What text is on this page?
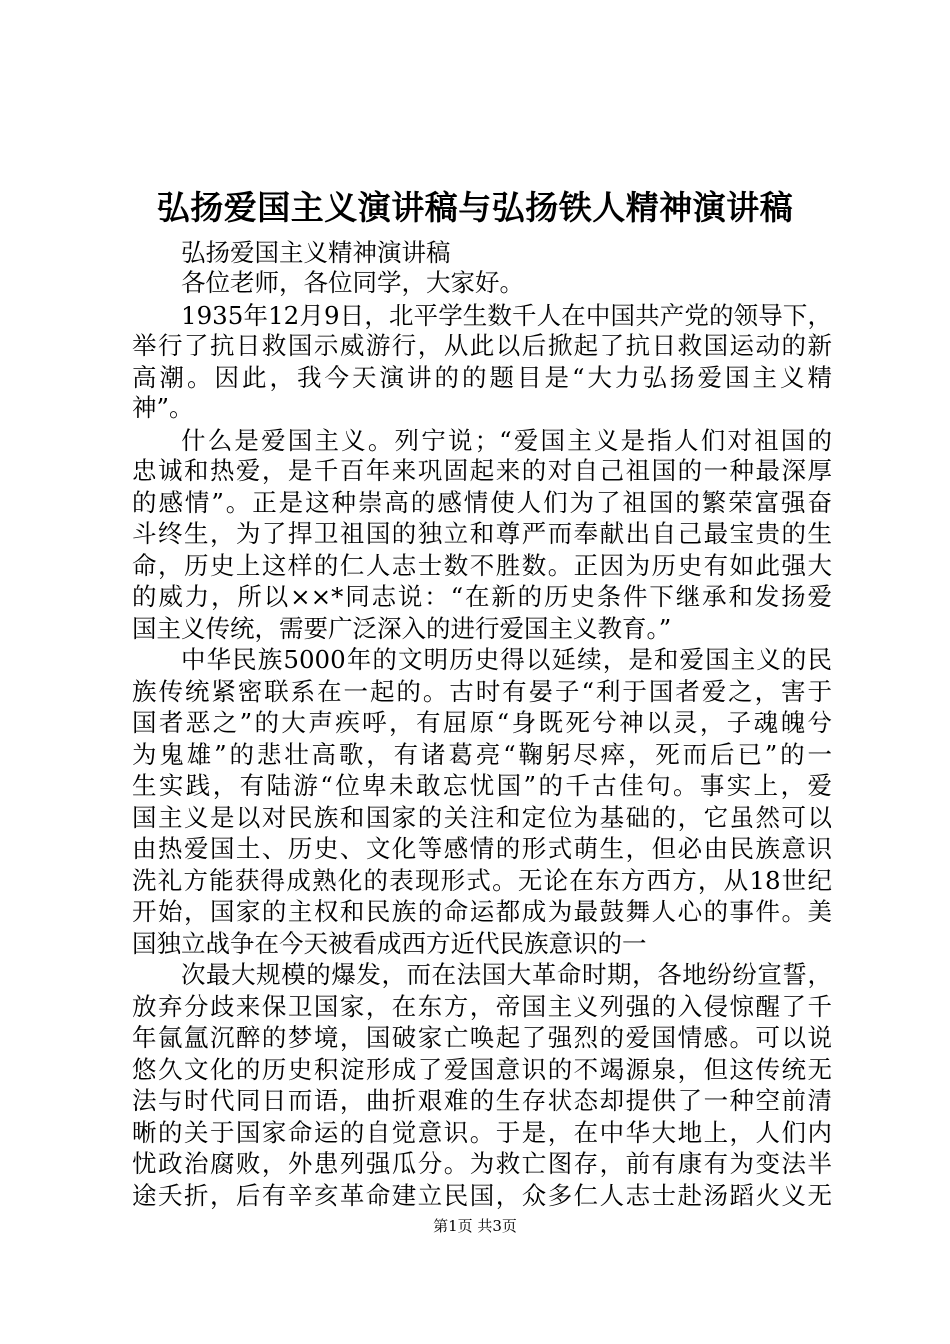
弘扬爱国主义演讲稿与弘扬铁人精神演讲稿
弘扬爱国主义精神演讲稿
各位老师，各位同学，大家好。
1935年12月9日，北平学生数千人在中国共产党的领导下，
举行了抗日救国示威游行，从此以后掀起了抗日救国运动的新
高潮。因此，我今天演讲的的题目是“大力弘扬爱国主义精
神”。
什么是爱国主义。列宁说；“爱国主义是指人们对祖国的
忠诚和热爱，是千百年来巩固起来的对自己祖国的一种最深厚
的感情”。正是这种崇高的感情使人们为了祖国的繁荣富强奋
斗终生，为了捍卫祖国的独立和尊严而奉献出自己最宝贵的生
命，历史上这样的仁人志士数不胜数。正因为历史有如此强大
的威力，所以××*同志说：“在新的历史条件下继承和发扬爱
国主义传统，需要广泛深入的进行爱国主义教育。”
中华民族5000年的文明历史得以延续，是和爱国主义的民
族传统紧密联系在一起的。古时有晏子“利于国者爱之，害于
国者恶之”的大声疾呼，有屈原“身既死兮神以灵，子魂魄兮
为鬼雄”的悲壮高歌，有诸葛亮“鞠躬尽瘁，死而后已”的一
生实践，有陆游“位卑未敢忘忧国”的千古佳句。事实上，爱
国主义是以对民族和国家的关注和定位为基础的，它虽然可以
由热爱国土、历史、文化等感情的形式萌生，但必由民族意识
洗礼方能获得成熟化的表现形式。无论在东方西方，从18世纪
开始，国家的主权和民族的命运都成为最鼓舞人心的事件。美
国独立战争在今天被看成西方近代民族意识的一
次最大规模的爆发，而在法国大革命时期，各地纷纷宣誓，
放弃分歧来保卫国家，在东方，帝国主义列强的入侵惊醒了千
年氤氲沉醉的梦境，国破家亡唤起了强烈的爱国情感。可以说
悠久文化的历史积淀形成了爱国意识的不竭源泉，但这传统无
法与时代同日而语，曲折艰难的生存状态却提供了一种空前清
晰的关于国家命运的自觉意识。于是，在中华大地上，人们内
忧政治腐败，外患列强瓜分。为救亡图存，前有康有为变法半
途夭折，后有辛亥革命建立民国，众多仁人志士赴汤蹈火义无
第1页 共3页
